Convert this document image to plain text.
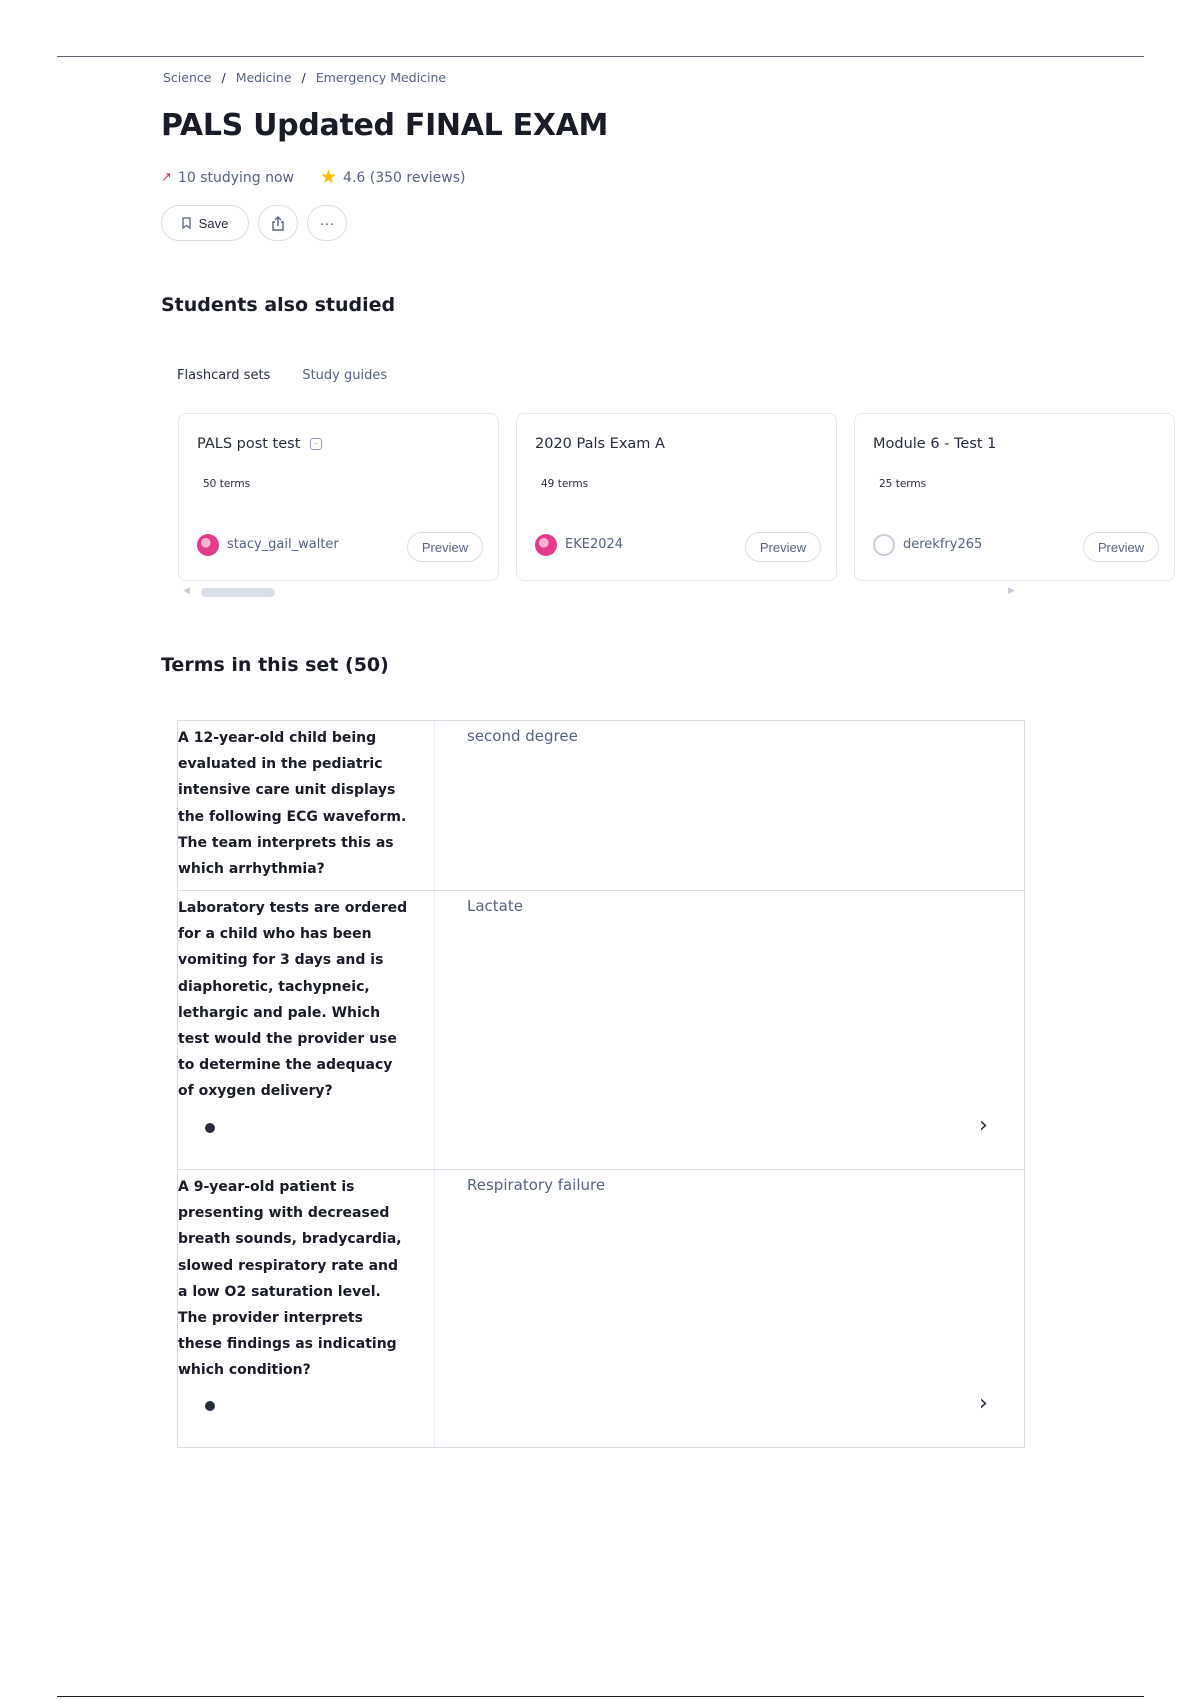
Science / Medicine / Emergency Medicine
PALS Updated FINAL EXAM
↗ 10 studying now ★ 4.6 (350 reviews)
Save	···
Students also studied
Flashcard sets Study guides
PALS post test	–
50 terms
stacy_gail_walter	Preview
2020 Pals Exam A
49 terms
EKE2024	Preview
Module 6 - Test 1
25 terms
derekfry265	Preview
◀	▶
Terms in this set (50)
A 12-year-old child being evaluated in the pediatric intensive care unit displays the following ECG waveform. The team interprets this as which arrhythmia?
second degree
Laboratory tests are ordered for a child who has been vomiting for 3 days and is diaphoretic, tachypneic, lethargic and pale. Which test would the provider use to determine the adequacy of oxygen delivery?
Lactate
›
A 9-year-old patient is presenting with decreased breath sounds, bradycardia, slowed respiratory rate and a low O2 saturation level. The provider interprets these findings as indicating which condition?
Respiratory failure
›
